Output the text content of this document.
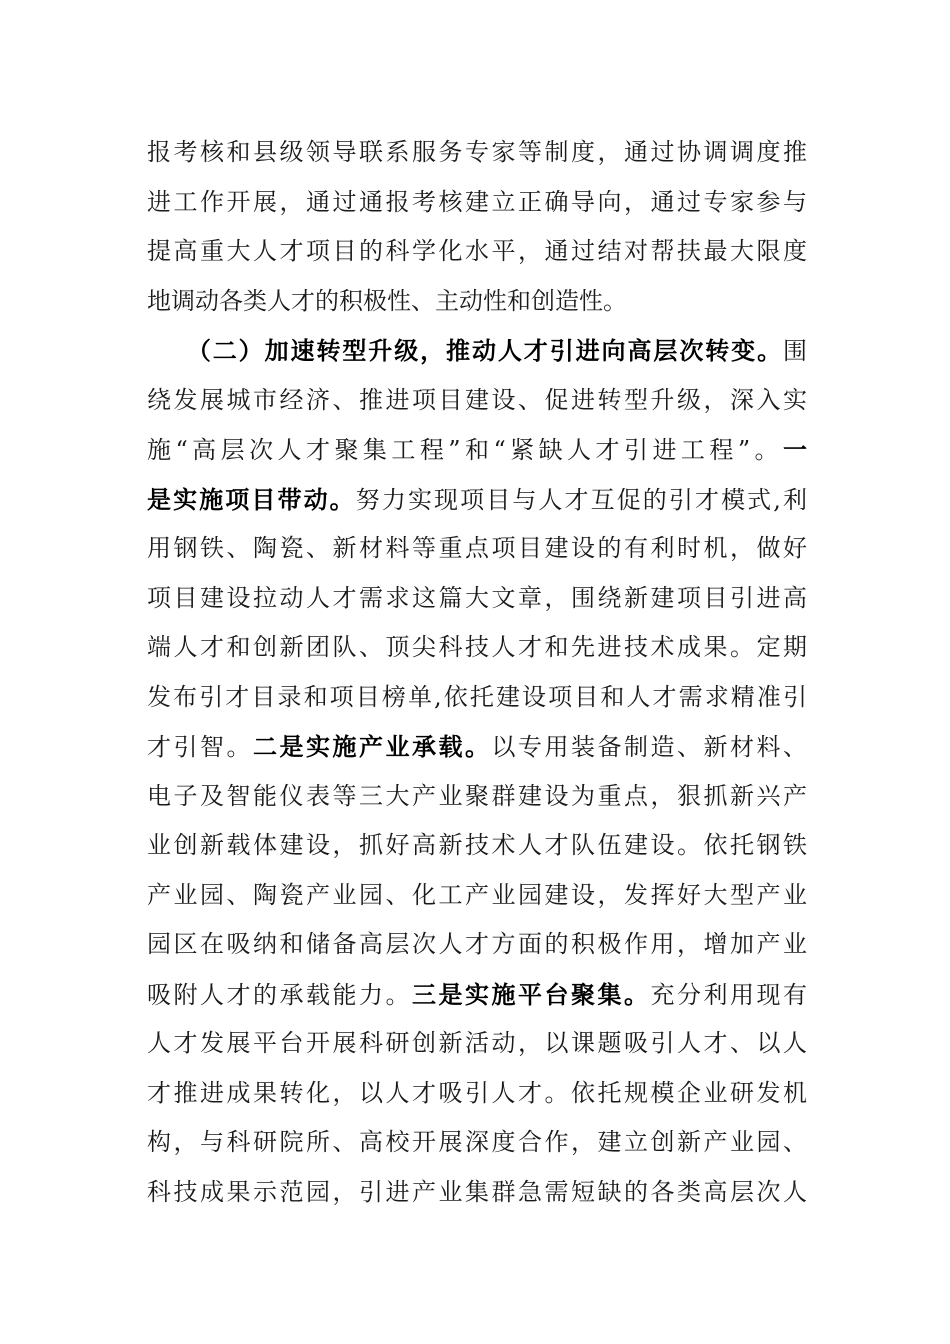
报考核和县级领导联系服务专家等制度，通过协调调度推
进工作开展，通过通报考核建立正确导向，通过专家参与
提高重大人才项目的科学化水平，通过结对帮扶最大限度
地调动各类人才的积极性、主动性和创造性。
　　（二）加速转型升级，推动人才引进向高层次转变。围
绕发展城市经济、推进项目建设、促进转型升级，深入实
施“高层次人才聚集工程”和“紧缺人才引进工程”。一
是实施项目带动。努力实现项目与人才互促的引才模式,利
用钢铁、陶瓷、新材料等重点项目建设的有利时机，做好
项目建设拉动人才需求这篇大文章，围绕新建项目引进高
端人才和创新团队、顶尖科技人才和先进技术成果。定期
发布引才目录和项目榜单,依托建设项目和人才需求精准引
才引智。二是实施产业承载。以专用装备制造、新材料、
电子及智能仪表等三大产业聚群建设为重点，狠抓新兴产
业创新载体建设，抓好高新技术人才队伍建设。依托钢铁
产业园、陶瓷产业园、化工产业园建设，发挥好大型产业
园区在吸纳和储备高层次人才方面的积极作用，增加产业
吸附人才的承载能力。三是实施平台聚集。充分利用现有
人才发展平台开展科研创新活动，以课题吸引人才、以人
才推进成果转化，以人才吸引人才。依托规模企业研发机
构，与科研院所、高校开展深度合作，建立创新产业园、
科技成果示范园，引进产业集群急需短缺的各类高层次人
